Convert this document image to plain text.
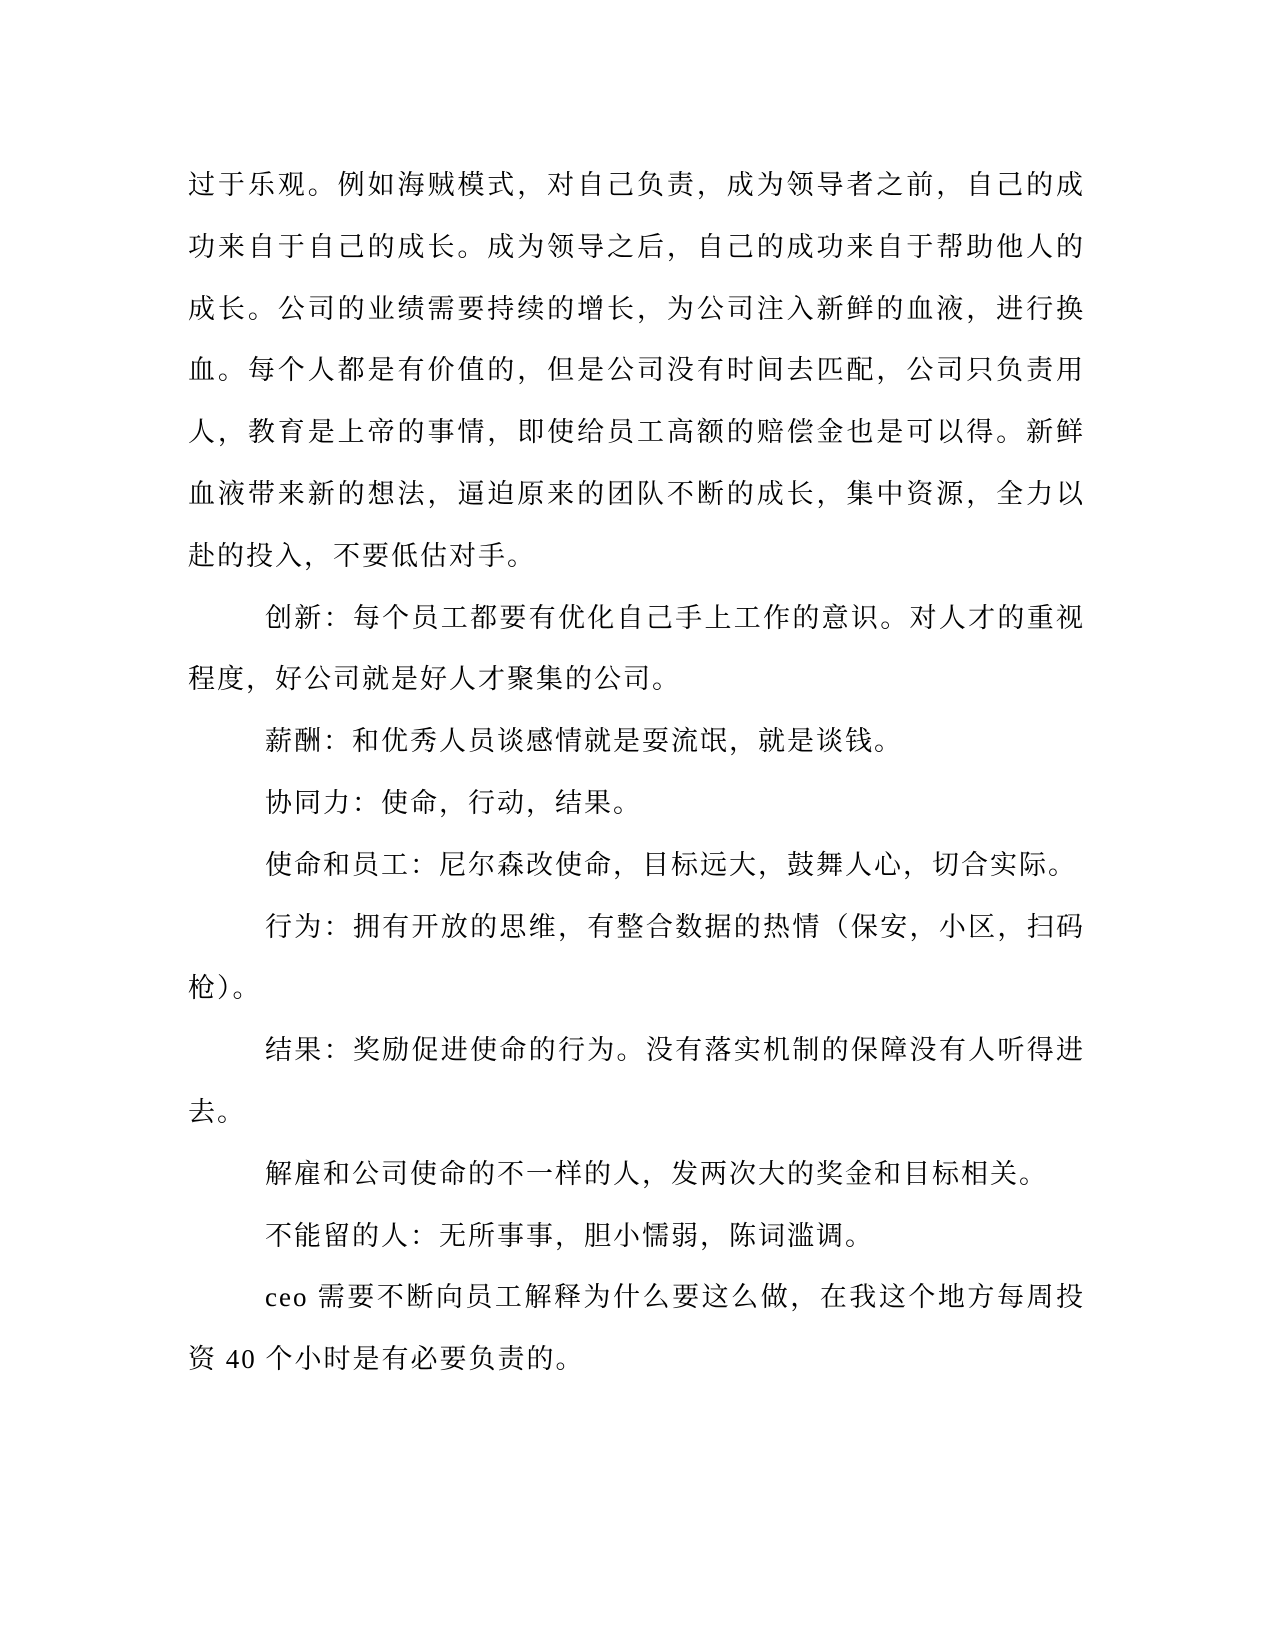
过于乐观。例如海贼模式，对自己负责，成为领导者之前，自己的成
功来自于自己的成长。成为领导之后，自己的成功来自于帮助他人的
成长。公司的业绩需要持续的增长，为公司注入新鲜的血液，进行换
血。每个人都是有价值的，但是公司没有时间去匹配，公司只负责用
人，教育是上帝的事情，即使给员工高额的赔偿金也是可以得。新鲜
血液带来新的想法，逼迫原来的团队不断的成长，集中资源，全力以
赴的投入，不要低估对手。
创新：每个员工都要有优化自己手上工作的意识。对人才的重视
程度，好公司就是好人才聚集的公司。
薪酬：和优秀人员谈感情就是耍流氓，就是谈钱。
协同力：使命，行动，结果。
使命和员工：尼尔森改使命，目标远大，鼓舞人心，切合实际。
行为：拥有开放的思维，有整合数据的热情（保安，小区，扫码
枪）。
结果：奖励促进使命的行为。没有落实机制的保障没有人听得进
去。
解雇和公司使命的不一样的人，发两次大的奖金和目标相关。
不能留的人：无所事事，胆小懦弱，陈词滥调。
ceo 需要不断向员工解释为什么要这么做，在我这个地方每周投
资 40 个小时是有必要负责的。
